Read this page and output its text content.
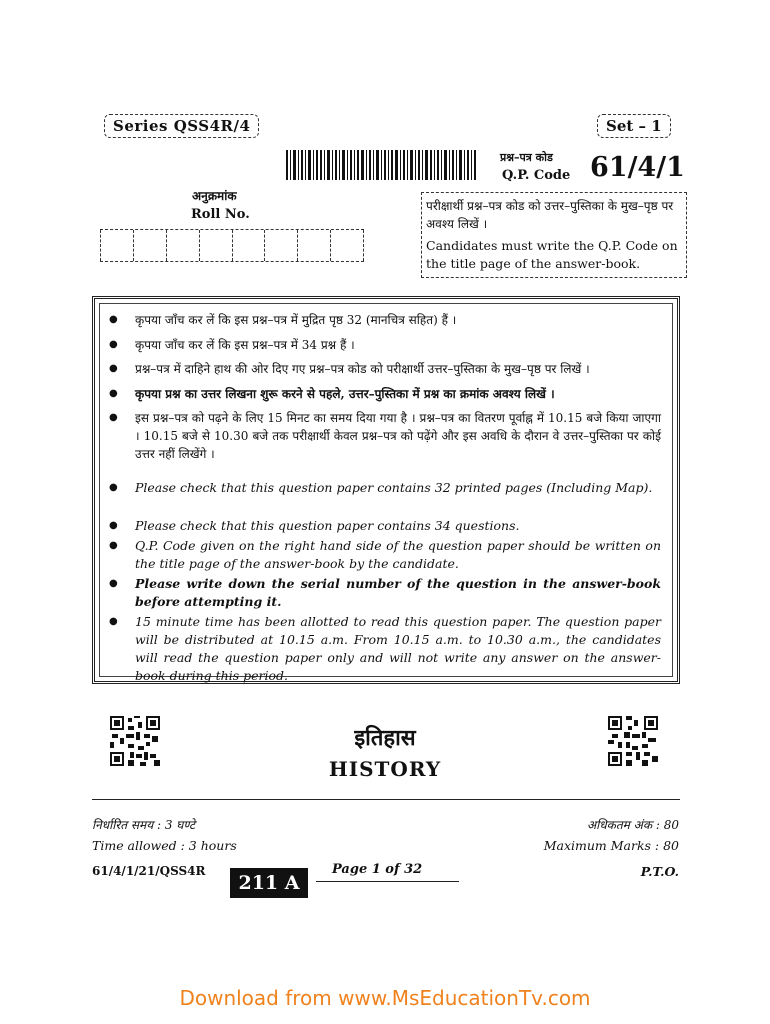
Series QSS4R/4	Set – 1
प्रश्न–पत्र कोड
Q.P. Code 61/4/1
अनुक्रमांक
Roll No.
परीक्षार्थी प्रश्न–पत्र कोड को उत्तर–पुस्तिका के मुख–पृष्ठ पर अवश्य लिखें ।
Candidates must write the Q.P. Code on the title page of the answer-book.
● कृपया जाँच कर लें कि इस प्रश्न–पत्र में मुद्रित पृष्ठ 32 (मानचित्र सहित) हैं ।
● कृपया जाँच कर लें कि इस प्रश्न–पत्र में 34 प्रश्न हैं ।
● प्रश्न–पत्र में दाहिने हाथ की ओर दिए गए प्रश्न–पत्र कोड को परीक्षार्थी उत्तर–पुस्तिका के मुख–पृष्ठ पर लिखें ।
● कृपया प्रश्न का उत्तर लिखना शुरू करने से पहले, उत्तर–पुस्तिका में प्रश्न का क्रमांक अवश्य लिखें ।
● इस प्रश्न–पत्र को पढ़ने के लिए 15 मिनट का समय दिया गया है । प्रश्न–पत्र का वितरण पूर्वाह्न में 10.15 बजे किया जाएगा । 10.15 बजे से 10.30 बजे तक परीक्षार्थी केवल प्रश्न–पत्र को पढ़ेंगे और इस अवधि के दौरान वे उत्तर–पुस्तिका पर कोई उत्तर नहीं लिखेंगे ।
● Please check that this question paper contains 32 printed pages (Including Map).
● Please check that this question paper contains 34 questions.
● Q.P. Code given on the right hand side of the question paper should be written on the title page of the answer-book by the candidate.
● Please write down the serial number of the question in the answer-book before attempting it.
● 15 minute time has been allotted to read this question paper. The question paper will be distributed at 10.15 a.m. From 10.15 a.m. to 10.30 a.m., the candidates will read the question paper only and will not write any answer on the answer-book during this period.
इतिहास
HISTORY
निर्धारित समय : 3 घण्टे
Time allowed : 3 hours
अधिकतम अंक : 80
Maximum Marks : 80
61/4/1/21/QSS4R
211 A
Page 1 of 32	P.T.O.
Download from www.MsEducationTv.com
